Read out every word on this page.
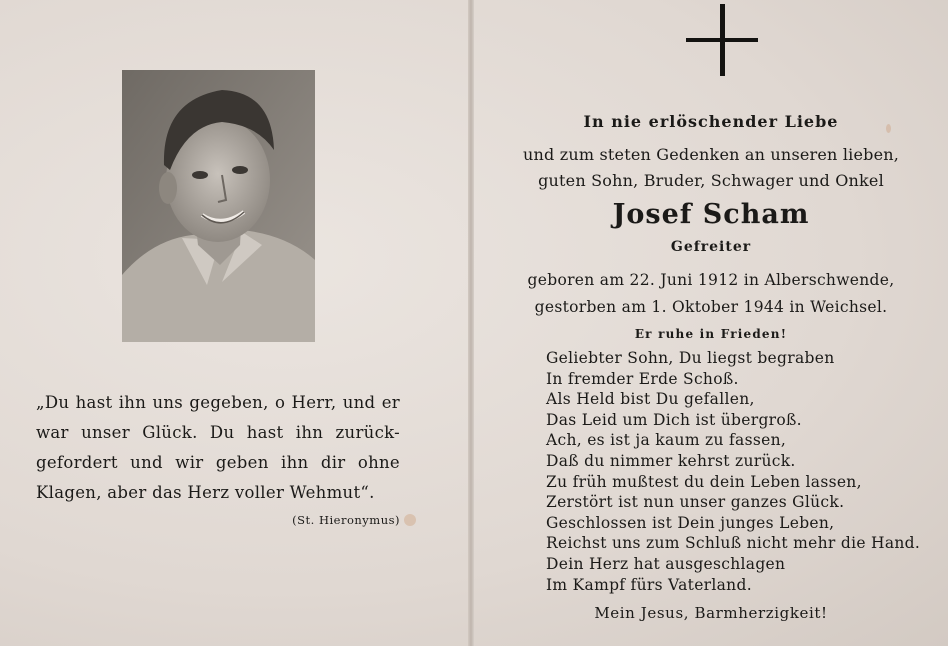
„Du hast ihn uns gegeben, o Herr, und er war unser Glück. Du hast ihn zurück-gefordert und wir geben ihn dir ohne Klagen, aber das Herz voller Wehmut“.
(St. Hieronymus)
In nie erlöschender Liebe
und zum steten Gedenken an unseren lieben,
guten Sohn, Bruder, Schwager und Onkel
Josef Scham
Gefreiter
geboren am 22. Juni 1912 in Alberschwende,
gestorben am 1. Oktober 1944 in Weichsel.
Er ruhe in Frieden!
Geliebter Sohn, Du liegst begraben
In fremder Erde Schoß.
Als Held bist Du gefallen,
Das Leid um Dich ist übergroß.
Ach, es ist ja kaum zu fassen,
Daß du nimmer kehrst zurück.
Zu früh mußtest du dein Leben lassen,
Zerstört ist nun unser ganzes Glück.
Geschlossen ist Dein junges Leben,
Reichst uns zum Schluß nicht mehr die Hand.
Dein Herz hat ausgeschlagen
Im Kampf fürs Vaterland.
Mein Jesus, Barmherzigkeit!
